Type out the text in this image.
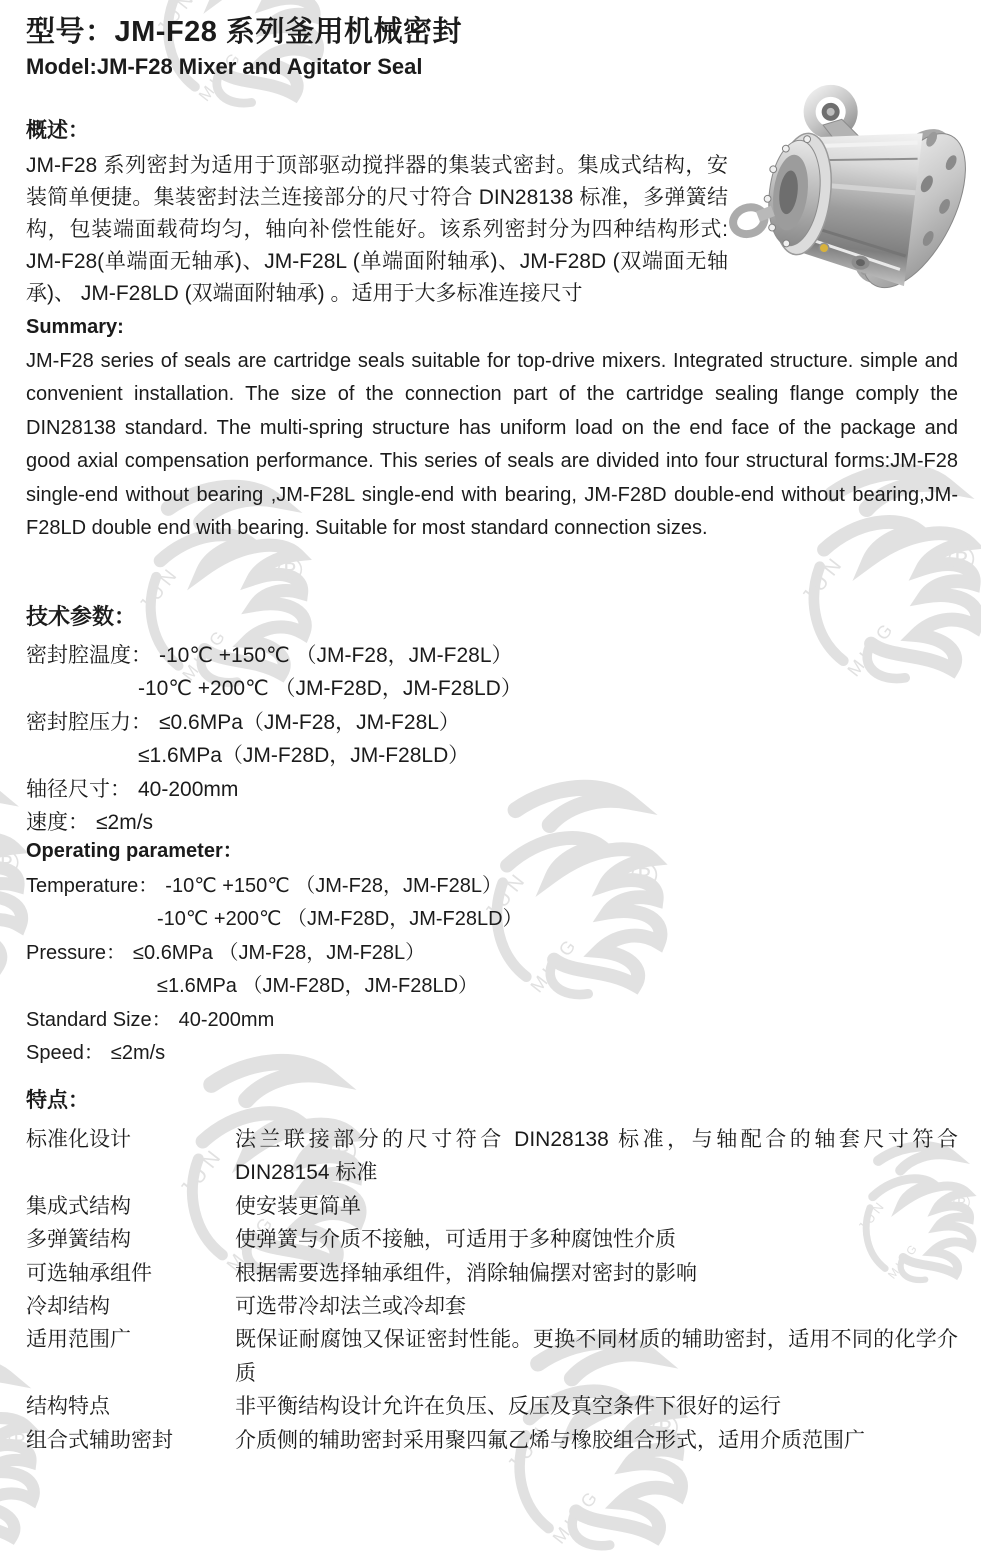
型号：JM-F28 系列釜用机械密封
Model:JM-F28 Mixer and Agitator Seal
概述：
JM-F28 系列密封为适用于顶部驱动搅拌器的集装式密封。集成式结构，安装简单便捷。集装密封法兰连接部分的尺寸符合 DIN28138 标准，多弹簧结构，包装端面载荷均匀，轴向补偿性能好。该系列密封分为四种结构形式: JM-F28(单端面无轴承)、JM-F28L (单端面附轴承)、JM-F28D (双端面无轴承)、 JM-F28LD (双端面附轴承) 。适用于大多标准连接尺寸
Summary:
JM-F28 series of seals are cartridge seals suitable for top-drive mixers. Integrated structure. simple and convenient installation. The size of the connection part of the cartridge sealing flange comply the DIN28138 standard. The multi-spring structure has uniform load on the end face of the package and good axial compensation performance. This series of seals are divided into four structural forms:JM-F28 single-end without bearing ,JM-F28L single-end with bearing, JM-F28D double-end without bearing,JM-F28LD double end with bearing. Suitable for most standard connection sizes.
技术参数：
密封腔温度： -10℃ +150℃ （JM-F28，JM-F28L）
-10℃ +200℃ （JM-F28D，JM-F28LD）
密封腔压力： ≤0.6MPa（JM-F28，JM-F28L）
≤1.6MPa（JM-F28D，JM-F28LD）
轴径尺寸： 40-200mm
速度： ≤2m/s
Operating parameter：
Temperature： -10℃ +150℃ （JM-F28，JM-F28L）
-10℃ +200℃ （JM-F28D，JM-F28LD）
Pressure： ≤0.6MPa （JM-F28，JM-F28L）
≤1.6MPa （JM-F28D，JM-F28LD）
Standard Size： 40-200mm
Speed： ≤2m/s
特点：
标准化设计	法兰联接部分的尺寸符合 DIN28138 标准，与轴配合的轴套尺寸符合 DIN28154 标准
集成式结构	使安装更简单
多弹簧结构	使弹簧与介质不接触，可适用于多种腐蚀性介质
可选轴承组件	根据需要选择轴承组件，消除轴偏摆对密封的影响
冷却结构	可选带冷却法兰或冷却套
适用范围广	既保证耐腐蚀又保证密封性能。更换不同材质的辅助密封，适用不同的化学介质
结构特点	非平衡结构设计允许在负压、反压及真空条件下很好的运行
组合式辅助密封	介质侧的辅助密封采用聚四氟乙烯与橡胶组合形式，适用介质范围广
